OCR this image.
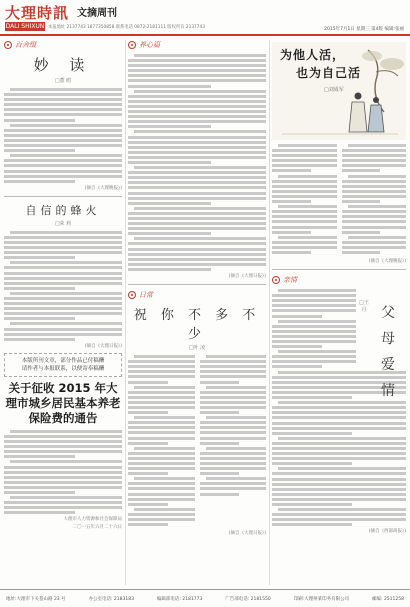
大理時訊
DALI SHIXUN
文摘周刊
本报地址 2137743 1877350858 联系电话 0872-2181111 版权所有 2137743	2015年7月1日 星期三 第4版 编辑:张丽
百舍缀
妙 读
□董 鸥
(摘自《大理晚报》)
自信的蜂火
□荣 莉
(摘自《大理日报》)
本版所刊文章，部分作品已付稿酬
请作者与本报联系，以便寄奉稿酬
关于征收 2015 年大理市城乡居民基本养老保险费的通告
大理市人力资源和社会保障局
二〇一五年六月二十六日
养心篇
(摘自《大理日报》)
日常
祝 你 不 多 不 少
□叶 凌
(摘自《大理日报》)
为他人活，
也为自己活
□刘成军
(摘自《大理晚报》)
亲情
(摘自《西部商报》)
父
母
爱
情
□王 月
地址:大理市下关苍山路 23 号	办公室电话: 2183183	编辑部电话: 2181773	广告部电话: 2181550	印刷:大理州某印务有限公司	邮编: 2511258
